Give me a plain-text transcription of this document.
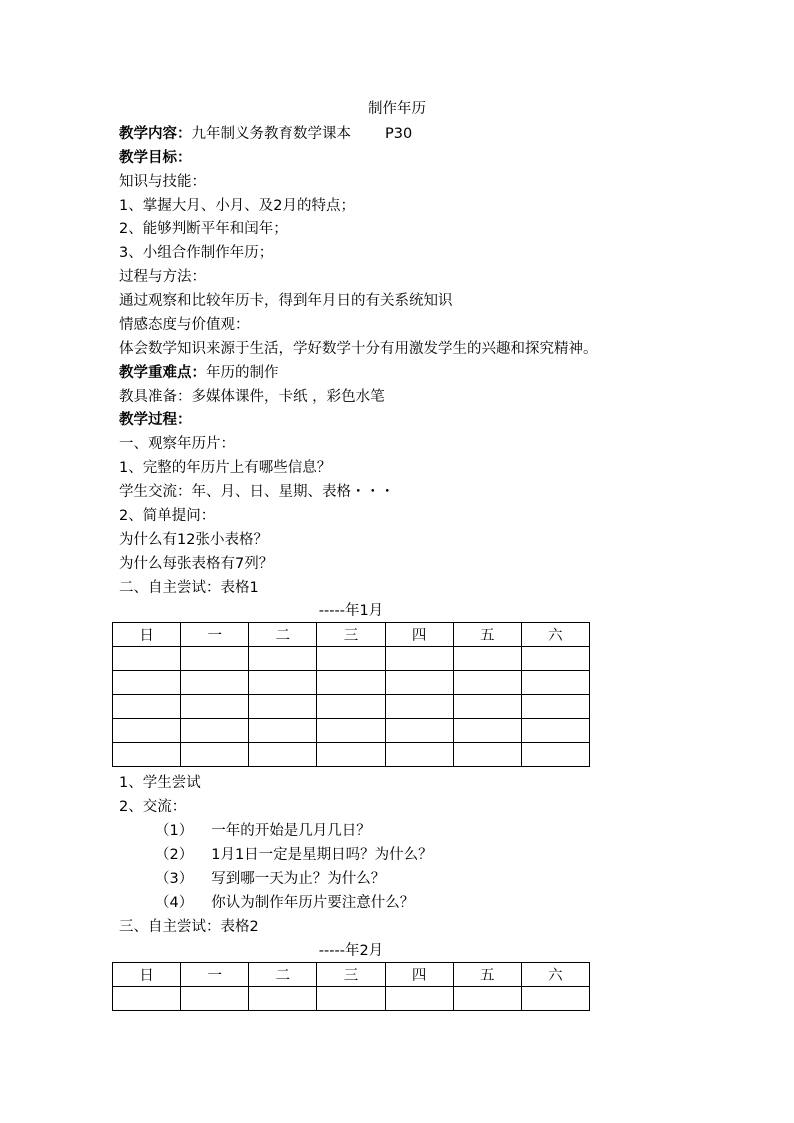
制作年历
教学内容：九年制义务教育数学课本 P30
教学目标：
知识与技能：
1、掌握大月、小月、及2月的特点；
2、能够判断平年和闰年；
3、小组合作制作年历；
过程与方法：
通过观察和比较年历卡，得到年月日的有关系统知识
情感态度与价值观：
体会数学知识来源于生活，学好数学十分有用激发学生的兴趣和探究精神。
教学重难点：年历的制作
教具准备：多媒体课件，卡纸 ，彩色水笔
教学过程：
一、观察年历片：
1、完整的年历片上有哪些信息？
学生交流：年、月、日、星期、表格・・・
2、简单提问：
为什么有12张小表格？
为什么每张表格有7列？
二、自主尝试：表格1
-----年1月
日	一	二	三	四	五	六

1、学生尝试
2、交流：
（1） 一年的开始是几月几日？
（2） 1月1日一定是星期日吗？为什么？
（3） 写到哪一天为止？为什么？
（4） 你认为制作年历片要注意什么？
三、自主尝试：表格2
-----年2月
日	一	二	三	四	五	六
